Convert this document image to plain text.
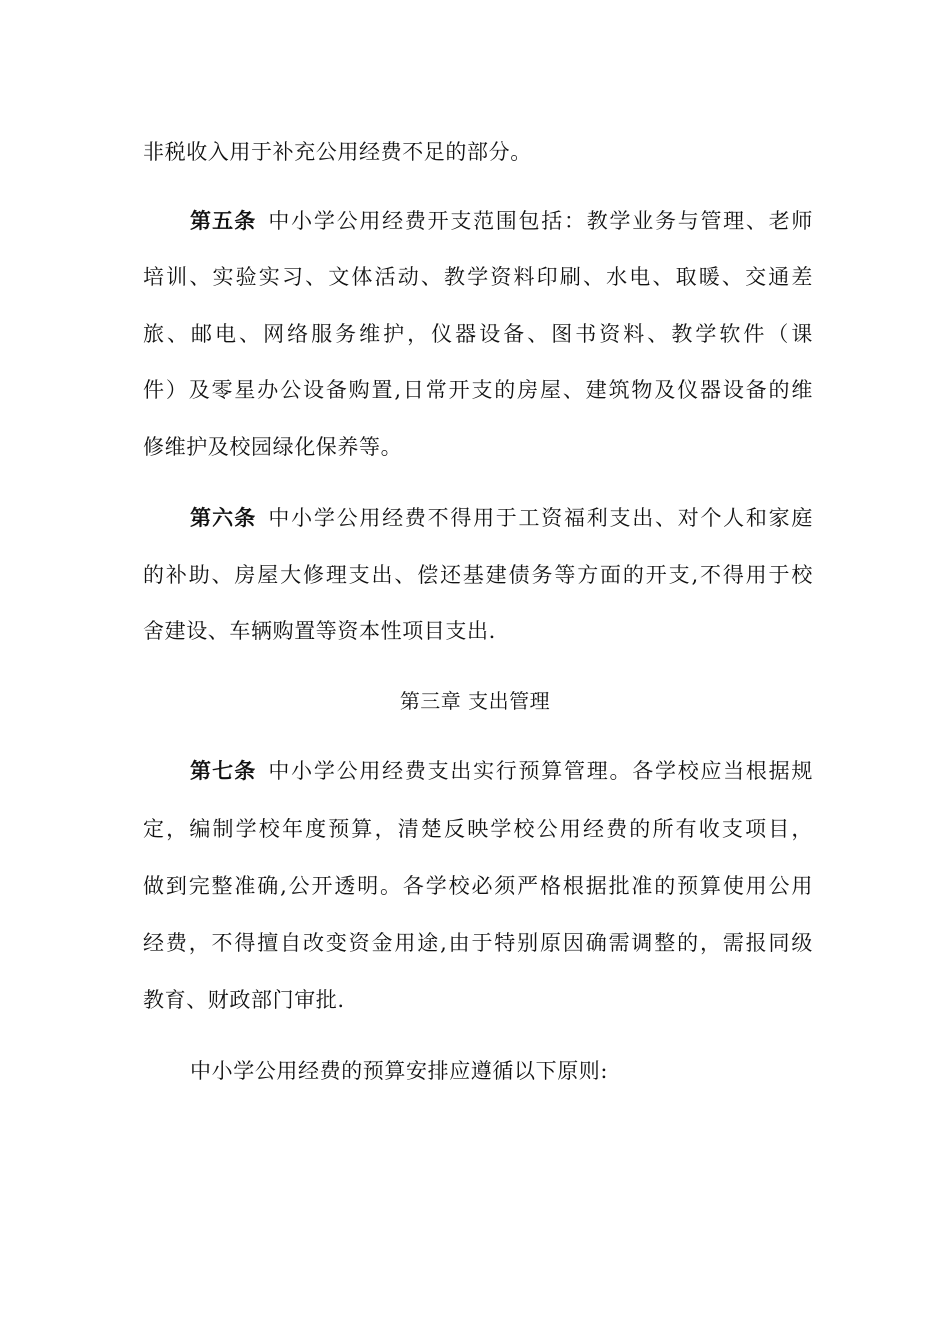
非税收入用于补充公用经费不足的部分。
第五条 中小学公用经费开支范围包括：教学业务与管理、老师
培训、实验实习、文体活动、教学资料印刷、水电、取暖、交通差
旅、邮电、网络服务维护，仪器设备、图书资料、教学软件（课
件）及零星办公设备购置,日常开支的房屋、建筑物及仪器设备的维
修维护及校园绿化保养等。
第六条 中小学公用经费不得用于工资福利支出、对个人和家庭
的补助、房屋大修理支出、偿还基建债务等方面的开支,不得用于校
舍建设、车辆购置等资本性项目支出.
第三章 支出管理
第七条 中小学公用经费支出实行预算管理。各学校应当根据规
定，编制学校年度预算，清楚反映学校公用经费的所有收支项目，
做到完整准确,公开透明。各学校必须严格根据批准的预算使用公用
经费，不得擅自改变资金用途,由于特别原因确需调整的，需报同级
教育、财政部门审批.
中小学公用经费的预算安排应遵循以下原则:
